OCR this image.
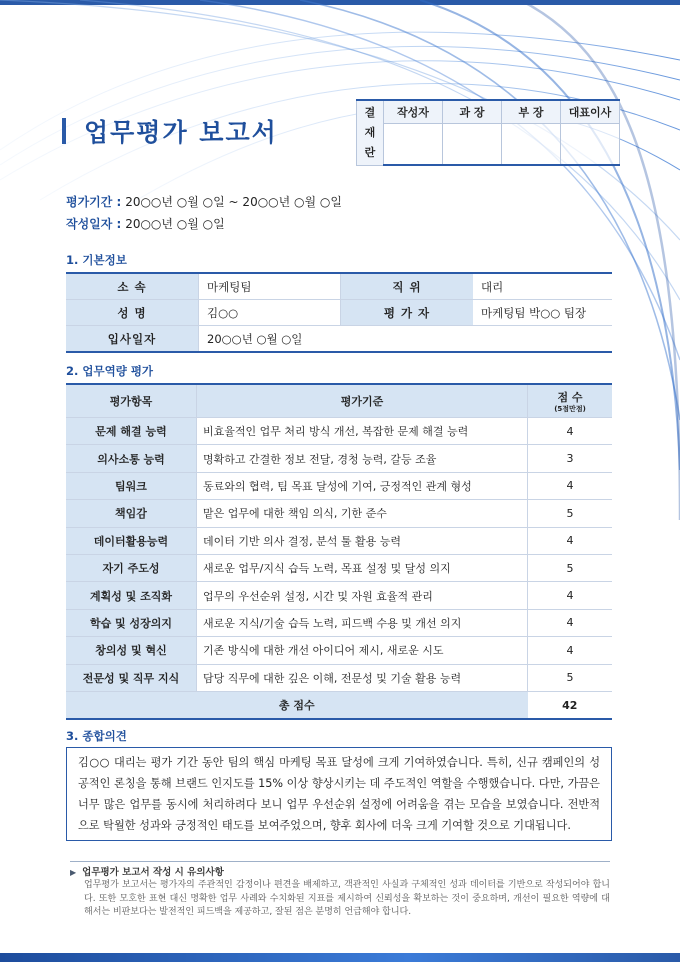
업무평가 보고서
결
재
란	작성자	과 장	부 장	대표이사

평가기간 : 20○○년 ○월 ○일 ~ 20○○년 ○월 ○일
작성일자 : 20○○년 ○월 ○일
1. 기본정보
소 속	마케팅팀	직 위	대리
성 명	김○○	평 가 자	마케팅팀 박○○ 팀장
입사일자	20○○년 ○월 ○일		
2. 업무역량 평가
평가항목	평가기준	점 수
(5점만점)

문제 해결 능력	비효율적인 업무 처리 방식 개선, 복잡한 문제 해결 능력	4
의사소통 능력	명확하고 간결한 정보 전달, 경청 능력, 갈등 조율	3
팀워크	동료와의 협력, 팀 목표 달성에 기여, 긍정적인 관계 형성	4
책임감	맡은 업무에 대한 책임 의식, 기한 준수	5
데이터활용능력	데이터 기반 의사 결정, 분석 툴 활용 능력	4
자기 주도성	새로운 업무/지식 습득 노력, 목표 설정 및 달성 의지	5
계획성 및 조직화	업무의 우선순위 설정, 시간 및 자원 효율적 관리	4
학습 및 성장의지	새로운 지식/기술 습득 노력, 피드백 수용 및 개선 의지	4
창의성 및 혁신	기존 방식에 대한 개선 아이디어 제시, 새로운 시도	4
전문성 및 직무 지식	담당 직무에 대한 깊은 이해, 전문성 및 기술 활용 능력	5
총 점수		42
3. 종합의견
김○○ 대리는 평가 기간 동안 팀의 핵심 마케팅 목표 달성에 크게 기여하였습니다. 특히, 신규 캠페인의 성공적인 론칭을 통해 브랜드 인지도를 15% 이상 향상시키는 데 주도적인 역할을 수행했습니다. 다만, 가끔은 너무 많은 업무를 동시에 처리하려다 보니 업무 우선순위 설정에 어려움을 겪는 모습을 보였습니다. 전반적으로 탁월한 성과와 긍정적인 태도를 보여주었으며, 향후 회사에 더욱 크게 기여할 것으로 기대됩니다.
▶ 업무평가 보고서 작성 시 유의사항
업무평가 보고서는 평가자의 주관적인 감정이나 편견을 배제하고, 객관적인 사실과 구체적인 성과 데이터를 기반으로 작성되어야 합니다. 또한 모호한 표현 대신 명확한 업무 사례와 수치화된 지표를 제시하여 신뢰성을 확보하는 것이 중요하며, 개선이 필요한 역량에 대해서는 비판보다는 발전적인 피드백을 제공하고, 잘된 점은 분명히 언급해야 합니다.
